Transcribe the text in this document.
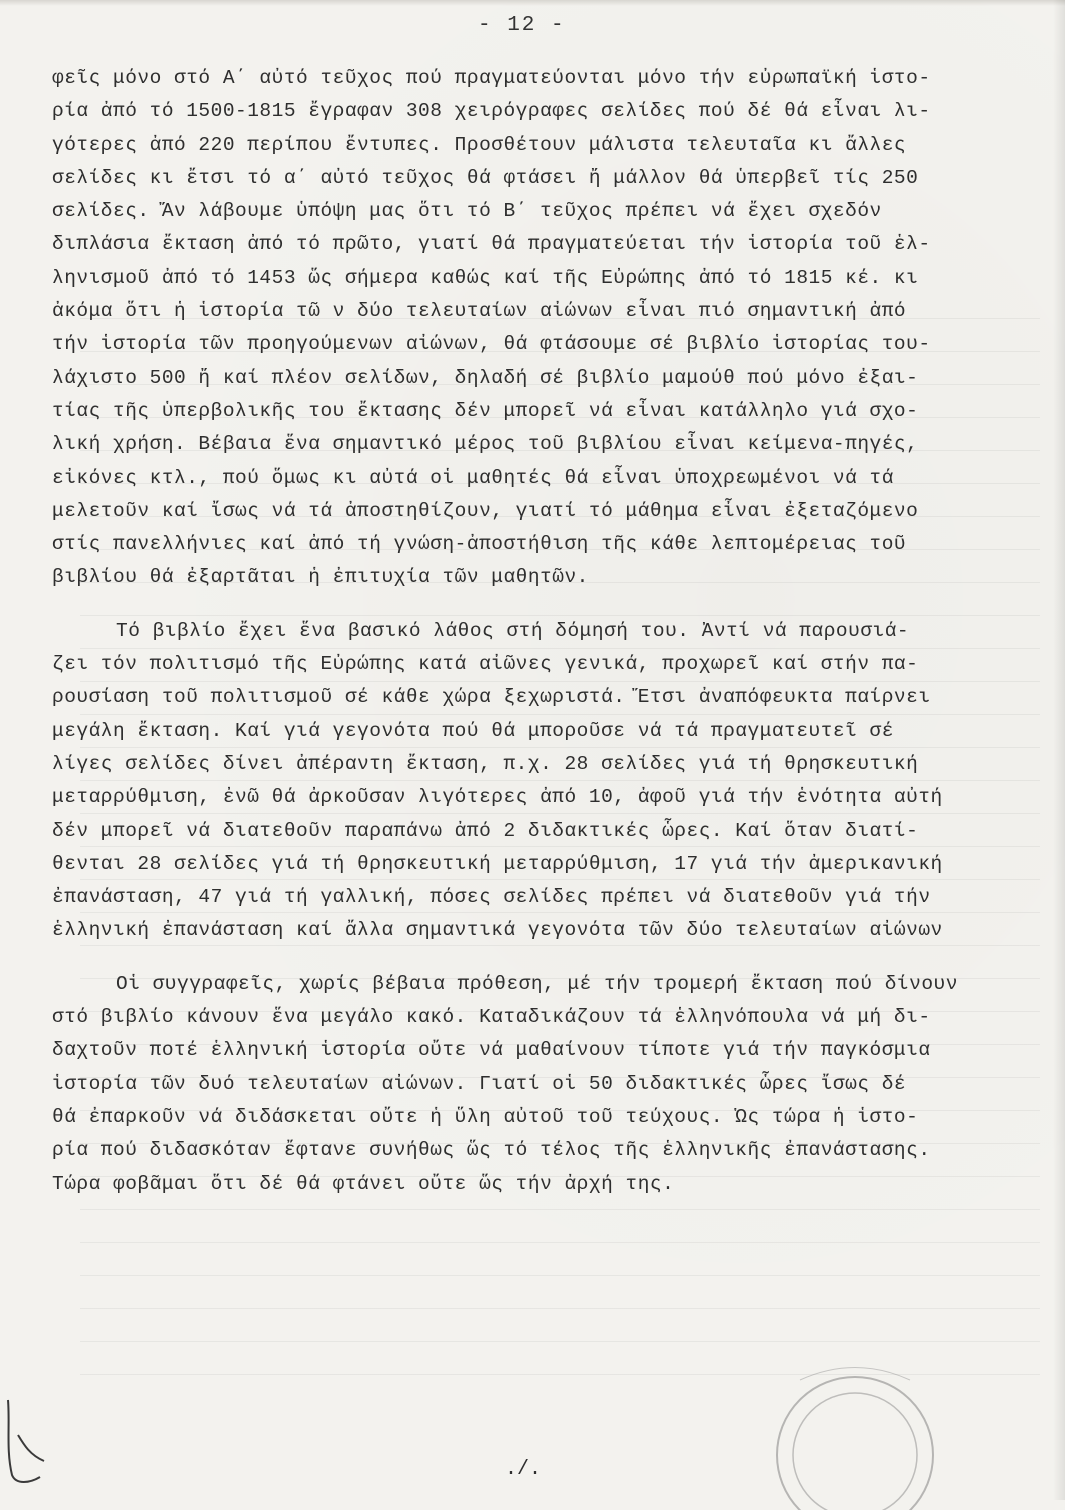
- 12 -
φεῖς μόνο στό Α΄ αὐτό τεῦχος πού πραγματεύονται μόνο τήν εὐρωπαϊκή ἱστο-
ρία ἀπό τό 1500-1815 ἔγραφαν 308 χειρόγραφες σελίδες πού δέ θά εἶναι λι-
γότερες ἀπό 220 περίπου ἔντυπες. Προσθέτουν μάλιστα τελευταῖα κι ἄλλες
σελίδες κι ἔτσι τό α΄ αὐτό τεῦχος θά φτάσει ἤ μάλλον θά ὑπερβεῖ τίς 250
σελίδες. Ἄν λάβουμε ὑπόψη μας ὅτι τό Β΄ τεῦχος πρέπει νά ἔχει σχεδόν
διπλάσια ἔκταση ἀπό τό πρῶτο, γιατί θά πραγματεύεται τήν ἱστορία τοῦ ἑλ-
ληνισμοῦ ἀπό τό 1453 ὥς σήμερα καθώς καί τῆς Εὐρώπης ἀπό τό 1815 κέ. κι
ἀκόμα ὅτι ἡ ἱστορία τῶ ν δύο τελευταίων αἰώνων εἶναι πιό σημαντική ἀπό
τήν ἱστορία τῶν προηγούμενων αἰώνων, θά φτάσουμε σέ βιβλίο ἱστορίας του-
λάχιστο 500 ἤ καί πλέον σελίδων, δηλαδή σέ βιβλίο μαμούθ πού μόνο ἐξαι-
τίας τῆς ὑπερβολικῆς του ἔκτασης δέν μπορεῖ νά εἶναι κατάλληλο γιά σχο-
λική χρήση. Βέβαια ἕνα σημαντικό μέρος τοῦ βιβλίου εἶναι κείμενα-πηγές,
εἰκόνες κτλ., πού ὅμως κι αὐτά οἱ μαθητές θά εἶναι ὑποχρεωμένοι νά τά
μελετοῦν καί ἴσως νά τά ἀποστηθίζουν, γιατί τό μάθημα εἶναι ἐξεταζόμενο
στίς πανελλήνιες καί ἀπό τή γνώση-ἀποστήθιση τῆς κάθε λεπτομέρειας τοῦ
βιβλίου θά ἐξαρτᾶται ἡ ἐπιτυχία τῶν μαθητῶν.
Τό βιβλίο ἔχει ἕνα βασικό λάθος στή δόμησή του. Ἀντί νά παρουσιά-
ζει τόν πολιτισμό τῆς Εὐρώπης κατά αἰῶνες γενικά, προχωρεῖ καί στήν πα-
ρουσίαση τοῦ πολιτισμοῦ σέ κάθε χώρα ξεχωριστά. Ἔτσι ἀναπόφευκτα παίρνει
μεγάλη ἔκταση. Καί γιά γεγονότα πού θά μποροῦσε νά τά πραγματευτεῖ σέ
λίγες σελίδες δίνει ἀπέραντη ἔκταση, π.χ. 28 σελίδες γιά τή θρησκευτική
μεταρρύθμιση, ἐνῶ θά ἀρκοῦσαν λιγότερες ἀπό 10, ἀφοῦ γιά τήν ἑνότητα αὐτή
δέν μπορεῖ νά διατεθοῦν παραπάνω ἀπό 2 διδακτικές ὧρες. Καί ὅταν διατί-
θενται 28 σελίδες γιά τή θρησκευτική μεταρρύθμιση, 17 γιά τήν ἀμερικανική
ἐπανάσταση, 47 γιά τή γαλλική, πόσες σελίδες πρέπει νά διατεθοῦν γιά τήν
ἑλληνική ἐπανάσταση καί ἄλλα σημαντικά γεγονότα τῶν δύο τελευταίων αἰώνων
Οἱ συγγραφεῖς, χωρίς βέβαια πρόθεση, μέ τήν τρομερή ἔκταση πού δίνουν
στό βιβλίο κάνουν ἕνα μεγάλο κακό. Καταδικάζουν τά ἑλληνόπουλα νά μή δι-
δαχτοῦν ποτέ ἑλληνική ἱστορία οὔτε νά μαθαίνουν τίποτε γιά τήν παγκόσμια
ἱστορία τῶν δυό τελευταίων αἰώνων. Γιατί οἱ 50 διδακτικές ὧρες ἴσως δέ
θά ἐπαρκοῦν νά διδάσκεται οὔτε ἡ ὕλη αὐτοῦ τοῦ τεύχους. Ὡς τώρα ἡ ἱστο-
ρία πού διδασκόταν ἔφτανε συνήθως ὥς τό τέλος τῆς ἑλληνικῆς ἐπανάστασης.
Τώρα φοβᾶμαι ὅτι δέ θά φτάνει οὔτε ὥς τήν ἀρχή της.
./.
